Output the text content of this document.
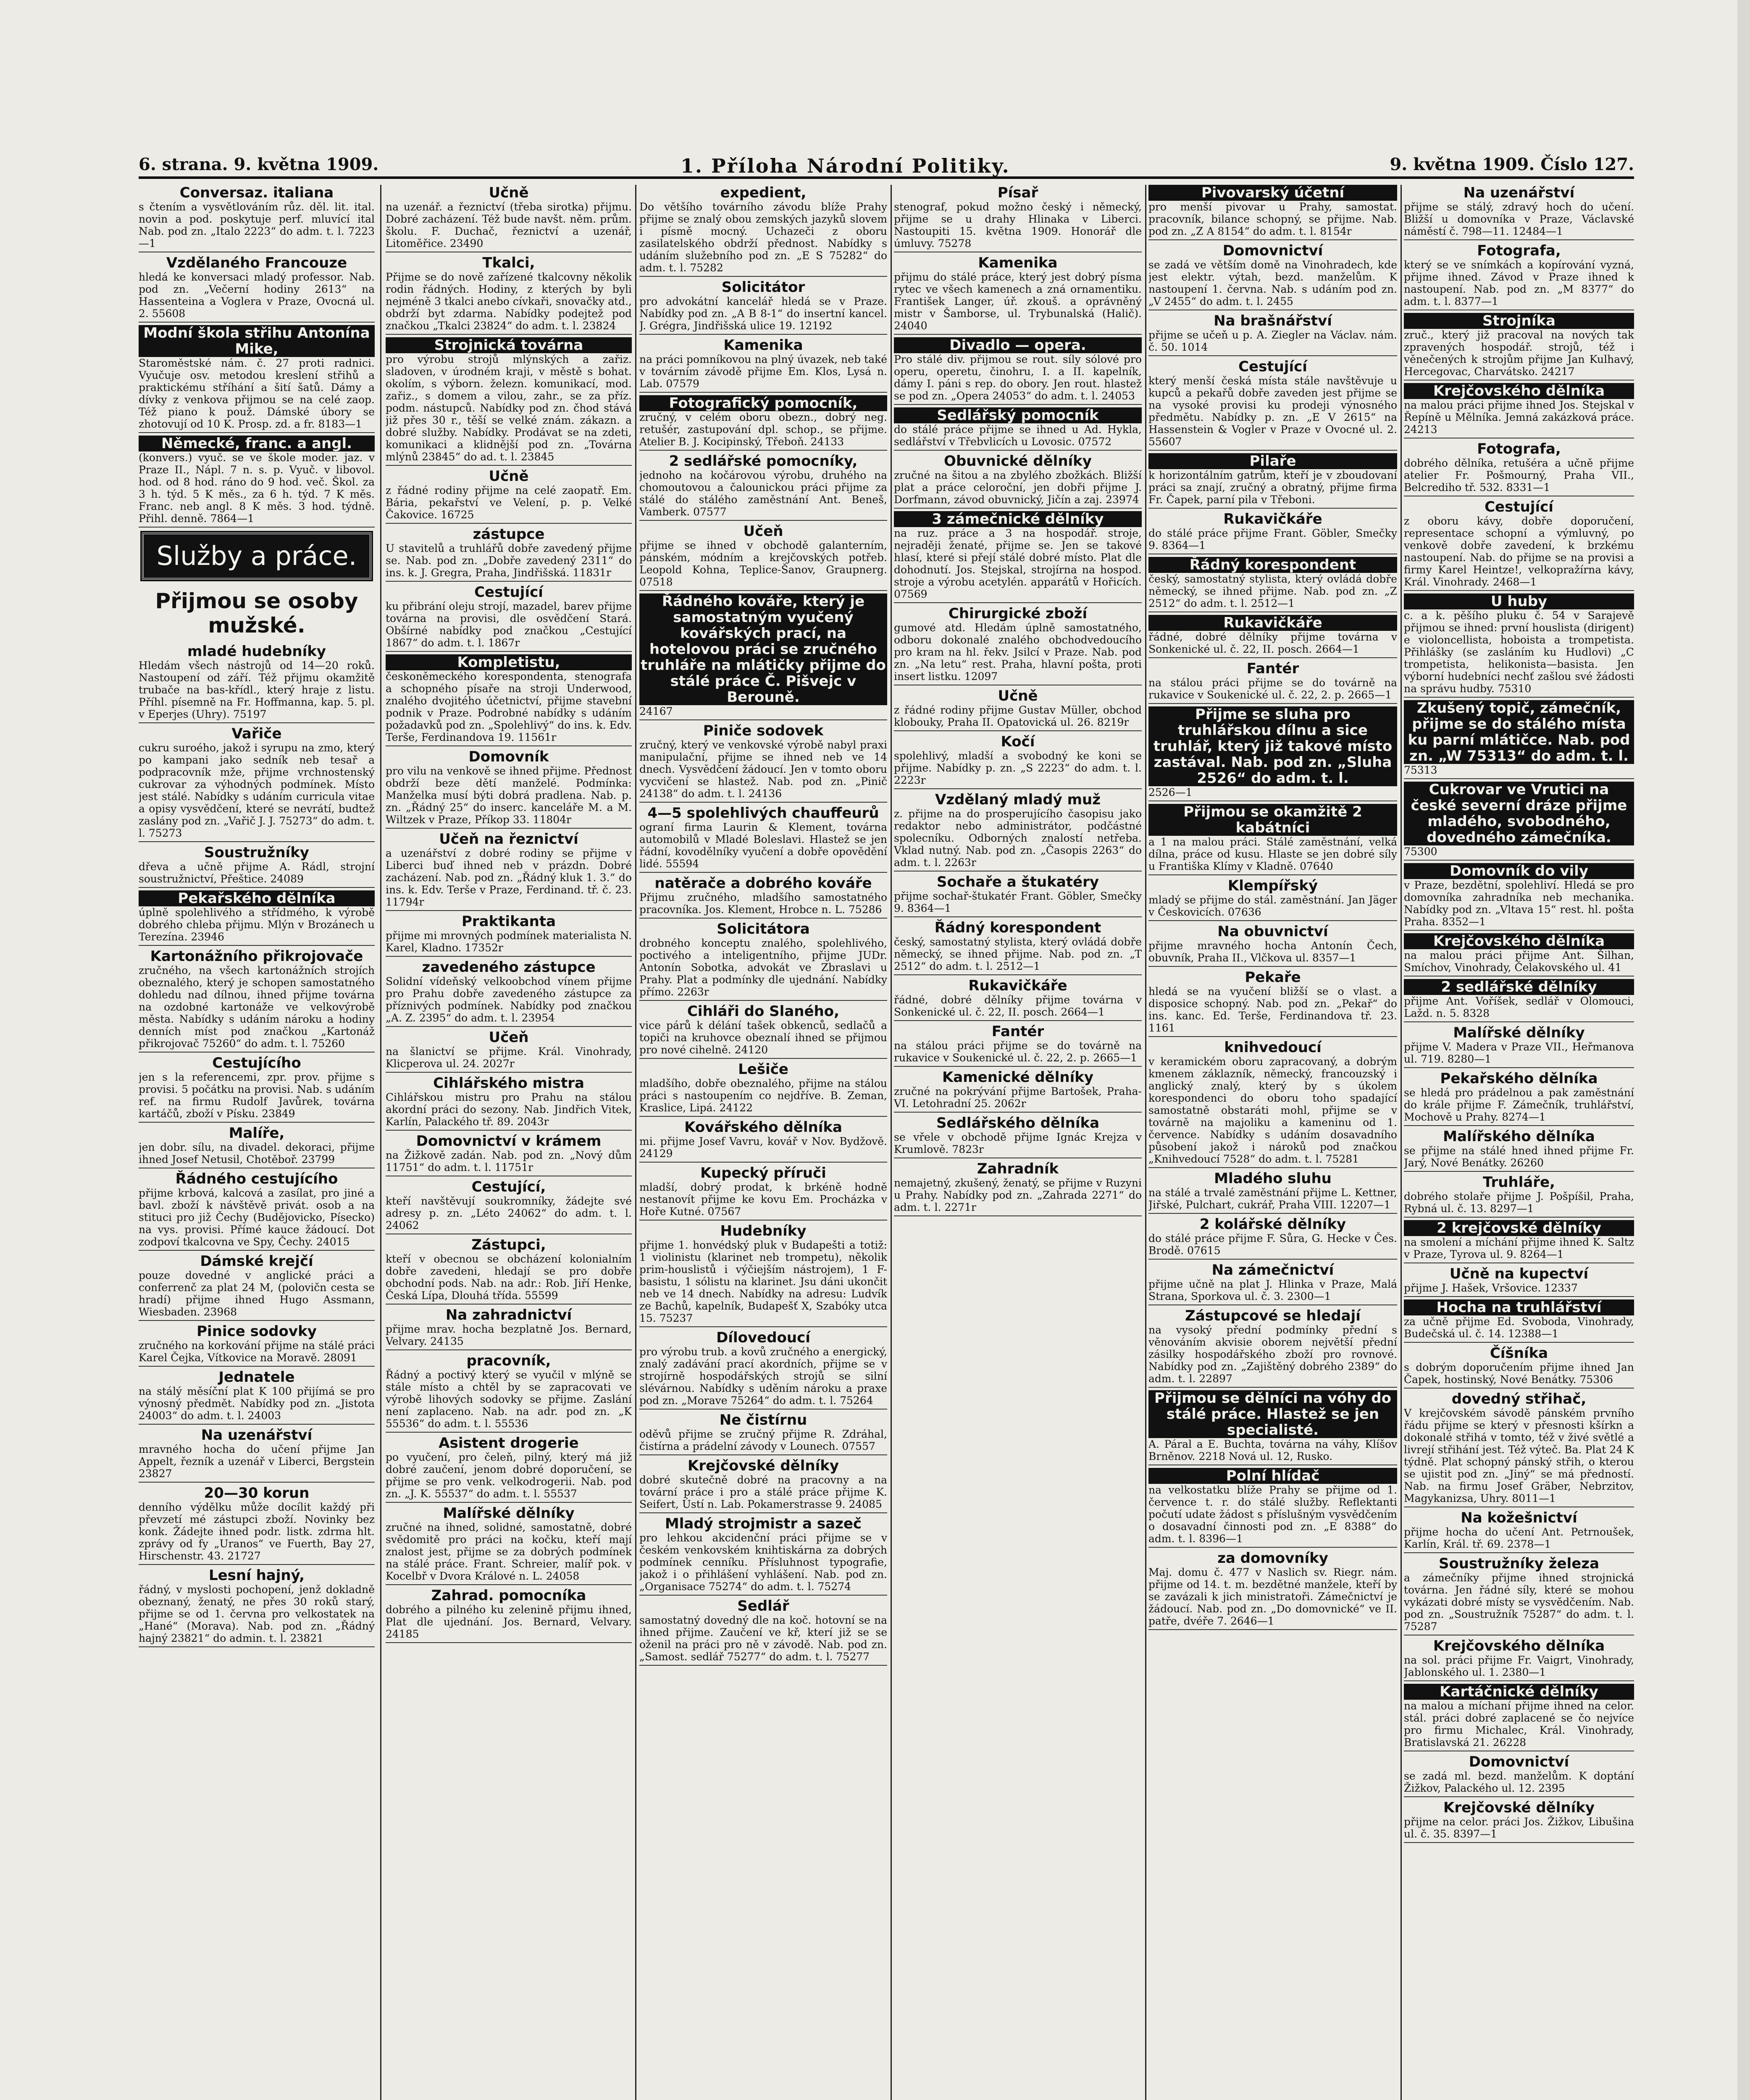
6. strana. 9. května 1909.	1. Příloha Národní Politiky.	9. května 1909. Číslo 127.
Conversaz. italiana

s čtením a vysvětlováním růz. děl. lit. ital. novin a pod. poskytuje perf. mluvící ital Nab. pod zn. „Italo 2223“ do adm. t. l. 7223—1

Vzdělaného Francouze

hledá ke konversaci mladý professor. Nab. pod zn. „Večerní hodiny 2613“ na Hassenteina a Voglera v Praze, Ovocná ul. 2. 55608

Modní škola střihu Antonína Mike,

Staroměstské nám. č. 27 proti radnici. Vyučuje osv. metodou kreslení střihů a praktickému stříhání a šití šatů. Dámy a dívky z venkova přijmou se na celé zaop. Též piano k použ. Dámské úbory se zhotovují od 10 K. Prosp. zd. a fr. 8183—1

Německé, franc. a angl.

(konvers.) vyuč. se ve škole moder. jaz. v Praze II., Nápl. 7 n. s. p. Vyuč. v libovol. hod. od 8 hod. ráno do 9 hod. več. Škol. za 3 h. týd. 5 K měs., za 6 h. týd. 7 K měs. Franc. neb angl. 8 K měs. 3 hod. týdně. Přihl. denně. 7864—1

Služby a práce.
Přijmou se osoby mužské.
mladé hudebníky

Hledám všech nástrojů od 14—20 roků. Nastoupení od září. Též přijmu okamžitě trubače na bas-křídl., který hraje z listu. Příhl. písemně na Fr. Hoffmanna, kap. 5. pl. v Eperjes (Uhry). 75197

Vařiče

cukru suroého, jakož i syrupu na zmo, který po kampani jako sedník neb tesař a podpracovník mže, přijme vrchnostenský cukrovar za výhodných podmínek. Místo jest stálé. Nabídky s udáním curricula vitae a opisy vysvědčení, které se nevrátí, budtež zaslány pod zn. „Vařič J. J. 75273“ do adm. t. l. 75273

Soustružníky

dřeva a učně přijme A. Rádl, strojní soustružnictví, Přeštice. 24089

Pekařského dělníka

úplně spolehlivého a střídmého, k výrobě dobrého chleba přijmu. Mlýn v Brozánech u Terezína. 23946

Kartonážního přikrojovače

zručného, na všech kartonážních strojích obeznalého, který je schopen samostatného dohledu nad dílnou, ihned přijme továrna na ozdobné kartonáže ve velkovýrobě města. Nabídky s udáním nároku a hodiny denních míst pod značkou „Kartonáž přikrojovač 75260“ do adm. t. l. 75260

Cestujícího

jen s la referencemi, zpr. prov. přijme s provisi. 5 počátku na provisi. Nab. s udáním ref. na firmu Rudolf Javůrek, továrna kartáčů, zboží v Písku. 23849

Malíře,

jen dobr. sílu, na divadel. dekoraci, přijme ihned Josef Netusil, Chotěboř. 23799

Řádného cestujícího

přijme krbová, kalcová a zasílat, pro jiné a bavl. zboží k návštěvě privát. osob a na stituci pro již Čechy (Budějovicko, Písecko) na vys. provisi. Přímé kauce žádoucí. Dot zodpoví tkalcovna ve Spy, Čechy. 24015

Dámské krejčí

pouze dovedné v anglické práci a conferrenč za plat 24 M, (polovičn cesta se hradí) přijme ihned Hugo Assmann, Wiesbaden. 23968

Pinice sodovky

zručného na korkování přijme na stálé práci Karel Čejka, Vítkovice na Moravě. 28091

Jednatele

na stálý měsíční plat K 100 přijímá se pro výnosný předmět. Nabídky pod zn. „Jistota 24003“ do adm. t. l. 24003

Na uzenářství

mravného hocha do učení přijme Jan Appelt, řezník a uzenář v Liberci, Bergstein 23827

20—30 korun

denního výdělku může docílit každý při převzetí mé zástupci zboží. Novinky bez konk. Žádejte ihned podr. listk. zdrma hlt. zprávy od fy „Uranos“ ve Fuerth, Bay 27, Hirschenstr. 43. 21727

Lesní hajný,

řádný, v myslosti pochopení, jenž dokladně obeznaný, ženatý, ne přes 30 roků starý, přijme se od 1. června pro velkostatek na „Hané“ (Morava). Nab. pod zn. „Řádný hajný 23821“ do admin. t. l. 23821

Učně

na uzenář. a řeznictví (třeba sirotka) přijmu. Dobré zacházení. Též bude navšt. něm. prům. školu. F. Duchač, řeznictví a uzenář, Litoměřice. 23490

Tkalci,

Přijme se do nově zařízené tkalcovny několik rodin řádných. Hodiny, z kterých by byli nejméně 3 tkalci anebo cívkaři, snovačky atd., obdrží byt zdarma. Nabídky podejtež pod značkou „Tkalci 23824“ do adm. t. l. 23824

Strojnická továrna

pro výrobu strojů mlýnských a zařiz. sladoven, v úrodném kraji, v městě s bohat. okolím, s výborn. železn. komunikací, mod. zařiz., s domem a vilou, zahr., se za příz. podm. nástupců. Nabídky pod zn. čhod stává již přes 30 r., těší se velké znám. zákazn. a dobré služby. Nabídky. Prodávat se na zdeti, komunikaci a klidnější pod zn. „Továrna mlýnů 23845“ do ad. t. l. 23845

Učně

z řádné rodiny přijme na celé zaopatř. Em. Bária, pekařství ve Velení, p. p. Velké Čakovice. 16725

zástupce

U stavitelů a truhlářů dobře zavedený přijme se. Nab. pod zn. „Dobře zavedený 2311“ do ins. k. J. Gregra, Praha, Jindřišská. 11831r

Cestující

ku přibrání oleju strojí, mazadel, barev přijme továrna na provisi, dle osvědčení Stará. Obšírné nabídky pod značkou „Cestující 1867“ do adm. t. l. 1867r

Kompletistu,

českoněmeckého korespondenta, stenografa a schopného písaře na stroji Underwood, znalého dvojitého účetnictví, přijme stavební podnik v Praze. Podrobné nabídky s udáním požadavků pod zn. „Spolehlivý“ do ins. k. Edv. Terše, Ferdinandova 19. 11561r

Domovník

pro vilu na venkově se ihned přijme. Přednost obdrží beze dětí manželé. Podmínka: Manželka musí býti dobrá pradlena. Nab. p. zn. „Řádný 25“ do inserc. kanceláře M. a M. Wiltzek v Praze, Příkop 33. 11804r

Učeň na řeznictví

a uzenářství z dobré rodiny se přijme v Liberci buď ihned neb v prázdn. Dobré zacházení. Nab. pod zn. „Řádný kluk 1. 3.“ do ins. k. Edv. Terše v Praze, Ferdinand. tř. č. 23. 11794r

Praktikanta

přijme mi mrovných podmínek materialista N. Karel, Kladno. 17352r

zavedeného zástupce

Solidní vídeňský velkoobchod vínem přijme pro Prahu dobře zavedeného zástupce za příznivých podmínek. Nabídky pod značkou „A. Z. 2395“ do adm. t. l. 23954

Učeň

na šlanictví se přijme. Král. Vinohrady, Klicperova ul. 24. 2027r

Cihlářského mistra

Cihlářskou mistru pro Prahu na stálou akordní práci do sezony. Nab. Jindřich Vitek, Karlín, Palackého tř. 89. 2043r

Domovnictví v krámem

na Žižkově zadán. Nab. pod zn. „Nový dům 11751“ do adm. t. l. 11751r

Cestující,

kteří navštěvují soukromníky, žádejte své adresy p. zn. „Léto 24062“ do adm. t. l. 24062

Zástupci,

kteří v obecnou se obcházení kolonialním dobře zavedeni, hledají se pro dobře obchodní pods. Nab. na adr.: Rob. Jiří Henke, Česká Lípa, Dlouhá třída. 55599

Na zahradnictví

přijme mrav. hocha bezplatně Jos. Bernard, Velvary. 24135

pracovník,

Řádný a poctivý který se vyučil v mlýně se stále místo a chtěl by se zapracovati ve výrobě lihových sodovky se přijme. Zaslání není zaplaceno. Nab. na adr. pod zn. „K 55536“ do adm. t. l. 55536

Asistent drogerie

po vyučení, pro čeleň, pilný, který má již dobré zaučení, jenom dobré doporučení, se přijme se pro venk. velkodrogerii. Nab. pod zn. „J. K. 55537“ do adm. t. l. 55537

Malířské dělníky

zručné na ihned, solidné, samostatně, dobré svědomitě pro práci na kočku, kteří mají znalost jest, přijme se za dobrých podmínek na stálé práce. Frant. Schreier, malíř pok. v Kocelbř v Dvora Králové n. L. 24058

Zahrad. pomocníka

dobrého a pilného ku zelenině přijmu ihned, Plat dle ujednání. Jos. Bernard, Velvary. 24185

expedient,

Do většího továrního závodu blíže Prahy přijme se znalý obou zemských jazyků slovem i písmě mocný. Uchazeči z oboru zasilatelského obdrží přednost. Nabídky s udáním služebního pod zn. „E S 75282“ do adm. t. l. 75282

Solicitátor

pro advokátní kancelář hledá se v Praze. Nabídky pod zn. „A B 8-1“ do insertní kancel. J. Grégra, Jindřišská ulice 19. 12192

Kamenika

na práci pomníkovou na plný úvazek, neb také v továrním závodě přijme Em. Klos, Lysá n. Lab. 07579

Fotografický pomocník,

zručný, v celém oboru obezn., dobrý neg. retušér, zastupování dpl. schop., se přijme. Atelier B. J. Kocipinský, Třeboň. 24133

2 sedlářské pomocníky,

jednoho na kočárovou výrobu, druhého na chomoutovou a čalounickou práci přijme za stálé do stálého zaměstnání Ant. Beneš, Vamberk. 07577

Učeň

přijme se ihned v obchodě galanterním, pánském, módním a krejčovských potřeb. Leopold Kohna, Teplice-Šanov, Graupnerg. 07518

Řádného kováře, který je samostatným vyučený kovářských prací, na hotelovou práci se zručného truhláře na mlátičky přijme do stálé práce Č. Pišvejc v Berouně.

24167

Piniče sodovek

zručný, který ve venkovské výrobě nabyl praxi manipulační, přijme se ihned neb ve 14 dnech. Vysvědčení žádoucí. Jen v tomto oboru vycvičení se hlastež. Nab. pod zn. „Pinič 24138“ do adm. t. l. 24136

4—5 spolehlivých chauffeurů

ograní firma Laurin & Klement, továrna automobilů v Mladé Boleslavi. Hlastež se jen řádní, kovodělníky vyučení a dobře opovědění lidé. 55594

natěrače a dobrého kováře

Přijmu zručného, mladšího samostatného pracovníka. Jos. Klement, Hrobce n. L. 75286

Solicitátora

drobného konceptu znalého, spolehlivého, poctivého a inteligentního, přijme JUDr. Antonín Sobotka, advokát ve Zbraslavi u Prahy. Plat a podmínky dle ujednání. Nabídky přímo. 2263r

Cihláři do Slaného,

vice párů k délání tašek obkenců, sedlačů a topiči na kruhovce obeznalí ihned se přijmou pro nové cihelně. 24120

Lešiče

mladšího, dobře obeznalého, přijme na stálou práci s nastoupením co nejdříve. B. Zeman, Kraslice, Lipá. 24122

Kovářského dělníka

mi. přijme Josef Vavru, kovář v Nov. Bydžově. 24129

Kupecký příruči

mladší, dobrý prodat, k brkéně hodně nestanovít přijme ke kovu Em. Procházka v Hoře Kutné. 07567

Hudebníky

přijme 1. honvédský pluk v Budapešti a totiž: 1 violinistu (klarinet neb trompetu), několik prim-houslistů i výčiejším nástrojem), 1 F-basistu, 1 sólistu na klarinet. Jsu dáni ukončit neb ve 14 dnech. Nabídky na adresu: Ludvík ze Bachů, kapelník, Budapešť X, Szabóky utca 15. 75237

Dílovedoucí

pro výrobu trub. a kovů zručného a energický, znalý zadávání prací akordních, přijme se v strojírně hospodářských strojů se silní slévárnou. Nabídky s uděním nároku a praxe pod zn. „Morave 75264“ do adm. t. l. 75264

Ne čistírnu

oděvů přijme se zručný přijme R. Zdráhal, čistírna a prádelní závody v Lounech. 07557

Krejčovské dělníky

dobré skutečně dobré na pracovny a na tovární práce i pro a stálé práce přijme K. Seifert, Ústí n. Lab. Pokamerstrasse 9. 24085

Mladý strojmistr a sazeč

pro lehkou akcidenční práci přijme se v českém venkovském knihtiskárna za dobrých podmínek cenníku. Přísluhnost typografie, jakož i o přihlášení vyhlášení. Nab. pod zn. „Organisace 75274“ do adm. t. l. 75274

Sedlář

samostatný dovedný dle na koč. hotovní se na ihned přijme. Zaučení ve kř, kterí již se se oženil na práci pro ně v závodě. Nab. pod zn. „Samost. sedlář 75277“ do adm. t. l. 75277

Písař

stenograf, pokud možno český i německý, přijme se u drahy Hlinaka v Liberci. Nastoupiti 15. května 1909. Honorář dle úmluvy. 75278

Kamenika

přijmu do stálé práce, který jest dobrý písma rytec ve všech kamenech a zná ornamentiku. František Langer, úř. zkouš. a oprávněný mistr v Šamborse, ul. Trybunalská (Halič). 24040

Divadlo — opera.

Pro stálé div. přijmou se rout. síly sólové pro operu, operetu, činohru, I. a II. kapelník, dámy I. páni s rep. do obory. Jen rout. hlastež se pod zn. „Opera 24053“ do adm. t. l. 24053

Sedlářský pomocník

do stálé práce přijme se ihned u Ad. Hykla, sedlářství v Třebvlicích u Lovosic. 07572

Obuvnické dělníky

zručné na šitou a na zbylého zbožkách. Bližší plat a práce celoroční, jen dobři přijme J. Dorfmann, závod obuvnický, Jičín a zaj. 23974

3 zámečnické dělníky

na ruz. práce a 3 na hospodář. stroje, nejraději ženaté, přijme se. Jen se takové hlasí, které si přejí stálé dobré místo. Plat dle dohodnutí. Jos. Stejskal, strojírna na hospod. stroje a výrobu acetylén. apparátů v Hořicích. 07569

Chirurgické zboží

gumové atd. Hledám úplně samostatného, odboru dokonalé znalého obchodvedoucího pro kram na hl. řekv. Jsilcí v Praze. Nab. pod zn. „Na letu“ rest. Praha, hlavní pošta, proti insert listku. 12097

Učně

z řádné rodiny přijme Gustav Müller, obchod klobouky, Praha II. Opatovická ul. 26. 8219r

Kočí

spolehlivý, mladší a svobodný ke koni se přijme. Nabídky p. zn. „S 2223“ do adm. t. l. 2223r

Vzdělaný mladý muž

z. přijme na do prosperujícího časopisu jako redaktor nebo administrátor, podčástné spolecníku. Odborných znalostí netřeba. Vklad nutný. Nab. pod zn. „Časopis 2263“ do adm. t. l. 2263r

Sochaře a štukatéry

přijme sochař-štukatér Frant. Göbler, Smečky 9. 8364—1

Řádný korespondent

český, samostatný stylista, který ovládá dobře německý, se ihned přijme. Nab. pod zn. „T 2512“ do adm. t. l. 2512—1

Rukavičkáře

řádné, dobré dělníky přijme továrna v Sonkenické ul. č. 22, II. posch. 2664—1

Fantér

na stálou práci přijme se do továrně na rukavice v Soukenické ul. č. 22, 2. p. 2665—1

Kamenické dělníky

zručné na pokrývání přijme Bartošek, Praha-VI. Letohradní 25. 2062r

Sedlářského dělníka

se vřele v obchodě přijme Ignác Krejza v Krumlově. 7823r

Zahradník

nemajetný, zkušený, ženatý, se přijme v Ruzyni u Prahy. Nabídky pod zn. „Zahrada 2271“ do adm. t. l. 2271r

Pivovarský účetní

pro menší pivovar u Prahy, samostat. pracovník, bilance schopný, se přijme. Nab. pod zn. „Z A 8154“ do adm. t. l. 8154r

Domovnictví

se zadá ve větším domě na Vinohradech, kde jest elektr. výtah, bezd. manželům. K nastoupení 1. června. Nab. s udáním pod zn. „V 2455“ do adm. t. l. 2455

Na brašnářství

přijme se učeň u p. A. Ziegler na Václav. nám. č. 50. 1014

Cestující

který menší česká místa stále navštěvuje u kupců a pekařů dobře zaveden jest přijme se na vysoké provisi ku prodeji výnosného předmětu. Nabídky p. zn. „E V 2615“ na Hassenstein & Vogler v Praze v Ovocné ul. 2. 55607

Pilaře

k horizontálním gatrům, kteří je v zboudovaní práci sa znají, zručný a obratný, přijme firma Fr. Čapek, parní pila v Třeboni.

Rukavičkáře

do stálé práce přijme Frant. Göbler, Smečky 9. 8364—1

Řádný korespondent

český, samostatný stylista, který ovládá dobře německý, se ihned přijme. Nab. pod zn. „Z 2512“ do adm. t. l. 2512—1

Rukavičkáře

řádné, dobré dělníky přijme továrna v Sonkenické ul. č. 22, II. posch. 2664—1

Fantér

na stálou práci přijme se do továrně na rukavice v Soukenické ul. č. 22, 2. p. 2665—1

Přijme se sluha pro truhlářskou dílnu a sice truhlář, který již takové místo zastával. Nab. pod zn. „Sluha 2526“ do adm. t. l.

2526—1

Přijmou se okamžitě 2 kabátníci

a 1 na malou práci. Stálé zaměstnání, velká dílna, práce od kusu. Hlaste se jen dobré síly u Františka Klímy v Kladně. 07640

Klempířský

mladý se přijme do stál. zaměstnání. Jan Jäger v Českovicích. 07636

Na obuvnictví

přijme mravného hocha Antonín Čech, obuvník, Praha II., Vlčkova ul. 8357—1

Pekaře

hledá se na vyučení bližší se o vlast. a disposice schopný. Nab. pod zn. „Pekař“ do ins. kanc. Ed. Terše, Ferdinandova tř. 23. 1161

knihvedoucí

v keramickém oboru zapracovaný, a dobrým kmenem záklazník, německý, francouzský i anglický znalý, který by s úkolem korespondenci do oboru toho spadající samostatně obstaráti mohl, přijme se v továrně na majoliku a kameninu od 1. července. Nabídky s udáním dosavadního působení jakož i nároků pod značkou „Knihvedoucí 7528“ do adm. t. l. 75281

Mladého sluhu

na stálé a trvalé zaměstnání přijme L. Kettner, Jiřské, Pulchart, cukrář, Praha VIII. 12207—1

2 kolářské dělníky

do stálé práce přijme F. Sůra, G. Hecke v Čes. Brodě. 07615

Na zámečnictví

přijme učně na plat J. Hlinka v Praze, Malá Strana, Sporkova ul. č. 3. 2300—1

Zástupcové se hledají

na vysoký přední podmínky přední s věnováním akvisie oborem největší přední zásilky hospodářského zboží pro rovnové. Nabídky pod zn. „Zajištěný dobrého 2389“ do adm. t. l. 22897

Přijmou se dělníci na vóhy do stálé práce. Hlastež se jen specialisté.

A. Páral a E. Buchta, továrna na váhy, Klíšov Brněnov. 2218 Nová ul. 12, Rusko.

Polní hlídač

na velkostatku blíže Prahy se přijme od 1. července t. r. do stálé služby. Reflektanti počutí udate žádost s příslušným vysvědčením o dosavadní činnosti pod zn. „E 8388“ do adm. t. l. 8396—1

za domovníky

Maj. domu č. 477 v Naslich sv. Riegr. nám. přijme od 14. t. m. bezdětné manžele, kteří by se zavázali k jich ministratoři. Zámečnictví je žádoucí. Nab. pod zn. „Do domovnické“ ve II. patře, dvéře 7. 2646—1

Na uzenářství

přijme se stálý, zdravý hoch do učení. Bližší u domovníka v Praze, Václavské náměstí č. 798—11. 12484—1

Fotografa,

který se ve snímkách a kopírování vyzná, přijme ihned. Závod v Praze ihned k nastoupení. Nab. pod zn. „M 8377“ do adm. t. l. 8377—1

Strojníka

zruč., který již pracoval na nových tak zpravených hospodář. strojů, též i věnečených k strojům přijme Jan Kulhavý, Hercegovac, Charvátsko. 24217

Krejčovského dělníka

na malou práci přijme ihned Jos. Stejskal v Řepíně u Mělníka. Jemná zakázková práce. 24213

Fotografa,

dobrého dělníka, retušéra a učně přijme atelier Fr. Pošmourný, Praha VII., Belcrediho tř. 532. 8331—1

Cestující

z oboru kávy, dobře doporučení, representace schopní a výmluvný, po venkově dobře zavedení, k brzkému nastoupení. Nab. do přijme se na provisi a firmy Karel Heintze!, velkopražírna kávy, Král. Vinohrady. 2468—1

U huby

c. a k. pěšího pluku č. 54 v Sarajevě přijmou se ihned: první houslista (dirigent) e violoncellista, hoboista a trompetista. Přihlášky (se zasláním ku Hudlovi) „C trompetista, helikonista—basista. Jen výborní hudebníci nechť zašlou své žádosti na správu hudby. 75310

Zkušený topič, zámečník, přijme se do stálého místa ku parní mlátičce. Nab. pod zn. „W 75313“ do adm. t. l.

75313

Cukrovar ve Vrutici na české severní dráze přijme mladého, svobodného, dovedného zámečníka.

75300

Domovník do vily

v Praze, bezdětní, spolehliví. Hledá se pro domovníka zahradníka neb mechanika. Nabídky pod zn. „Vltava 15“ rest. hl. pošta Praha. 8352—1

Krejčovského dělníka

na malou práci přijme Ant. Šilhan, Smíchov, Vinohrady, Čelakovského ul. 41

2 sedlářské dělníky

přijme Ant. Voříšek, sedlář v Olomouci, Lažd. n. 5. 8328

Malířské dělníky

přijme V. Madera v Praze VII., Heřmanova ul. 719. 8280—1

Pekařského dělníka

se hledá pro prádelnou a pak zaměstnání do krále přijme F. Zámečník, truhlářství, Mochově u Prahy. 8274—1

Malířského dělníka

se přijme na stálé hned ihned přijme Fr. Jarý, Nové Benátky. 26260

Truhláře,

dobrého stolaře přijme J. Pošpíšil, Praha, Rybná ul. č. 13. 8297—1

2 krejčovské dělníky

na smolení a míchání přijme ihned K. Saltz v Praze, Tyrova ul. 9. 8264—1

Učně na kupectví

přijme J. Hašek, Vršovice. 12337

Hocha na truhlářství

za učně přijme Ed. Svoboda, Vinohrady, Budečská ul. č. 14. 12388—1

Číšníka

s dobrým doporučením přijme ihned Jan Čapek, hostinský, Nové Benátky. 75306

dovedný střihač,

V krejčovském sávodě pánském prvního řádu přijme se který v přesnosti kšírkn a dokonalé střihá v tomto, též v živé světlé a livrejí střihání jest. Též výteč. Ba. Plat 24 K týdně. Plat schopný pánský střih, o kterou se ujistit pod zn. „Jiný“ se má předností. Nab. na firmu Josef Gräber, Nebrzitov, Magykanizsa, Uhry. 8011—1

Na kožešnictví

přijme hocha do učení Ant. Petrnoušek, Karlín, Král. tř. 69. 2378—1

Soustružníky železa

a zámečníky přijme ihned strojnická továrna. Jen řádné síly, které se mohou vykázati dobré místy se vysvědčením. Nab. pod zn. „Soustružník 75287“ do adm. t. l. 75287

Krejčovského dělníka

na sol. práci přijme Fr. Vaigrt, Vinohrady, Jablonského ul. 1. 2380—1

Kartáčnické dělníky

na malou a míchaní přijme ihned na celor. stál. práci dobré zaplacené se čo nejvíce pro firmu Michalec, Král. Vinohrady, Bratislavská 21. 26228

Domovnictví

se zadá ml. bezd. manželům. K doptání Žižkov, Palackého ul. 12. 2395

Krejčovské dělníky

přijme na celor. práci Jos. Žižkov, Libušina ul. č. 35. 8397—1
